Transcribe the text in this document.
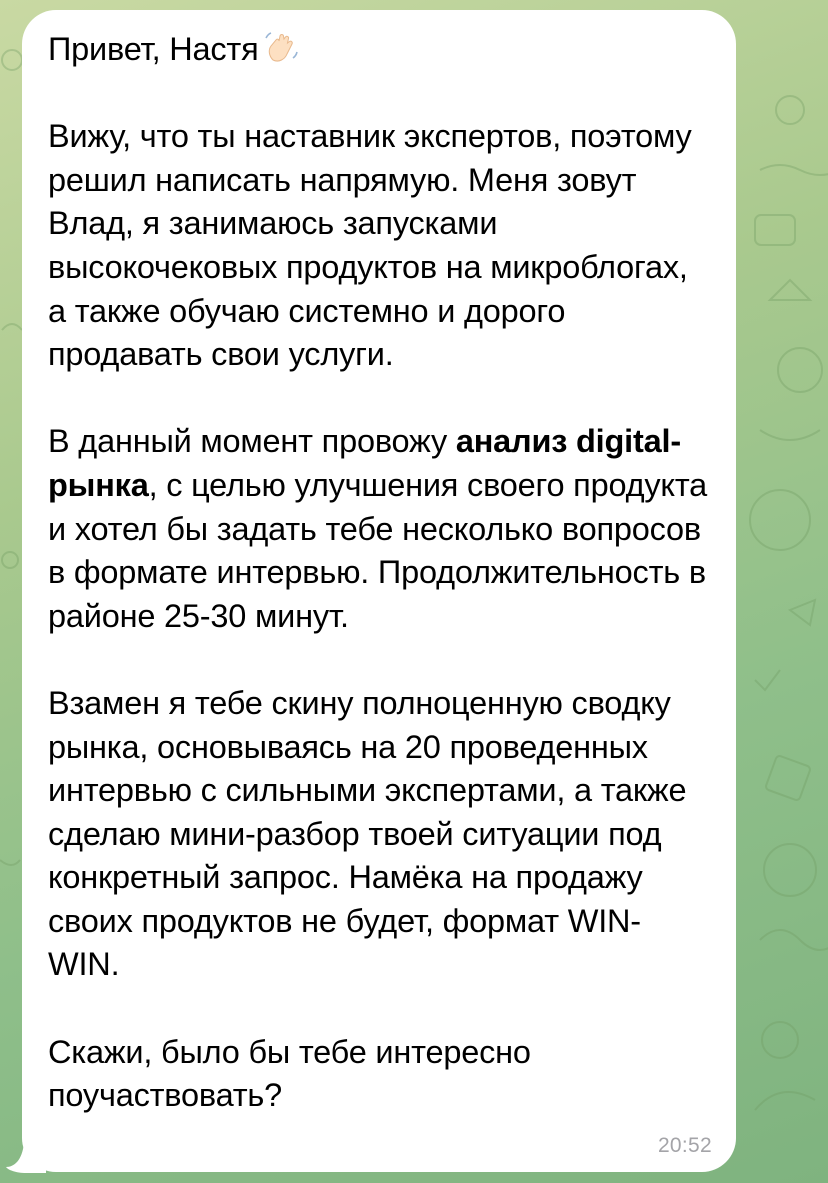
Привет, Настя

Вижу, что ты наставник экспертов, поэтому решил написать напрямую. Меня зовут Влад, я занимаюсь запусками высокочековых продуктов на микроблогах, а также обучаю системно и дорого продавать свои услуги.

В данный момент провожу анализ digital-рынка, с целью улучшения своего продукта и хотел бы задать тебе несколько вопросов в формате интервью. Продолжительность в районе 25-30 минут.

Взамен я тебе скину полноценную сводку рынка, основываясь на 20 проведенных интервью с сильными экспертами, а также сделаю мини-разбор твоей ситуации под конкретный запрос. Намёка на продажу своих продуктов не будет, формат WIN-WIN.

Скажи, было бы тебе интересно поучаствовать?

20:52
